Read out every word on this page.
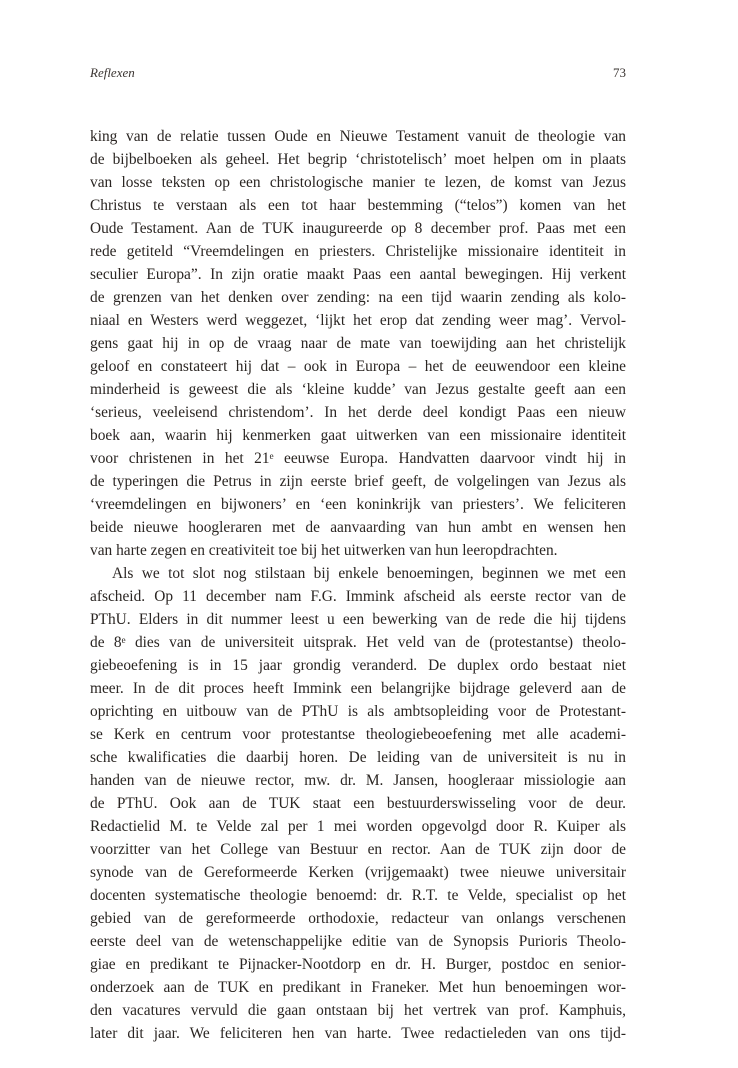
Reflexen	73
king van de relatie tussen Oude en Nieuwe Testament vanuit de theologie van
de bijbelboeken als geheel. Het begrip ‘christotelisch’ moet helpen om in plaats
van losse teksten op een christologische manier te lezen, de komst van Jezus
Christus te verstaan als een tot haar bestemming (“telos”) komen van het
Oude Testament. Aan de TUK inaugureerde op 8 december prof. Paas met een
rede getiteld “Vreemdelingen en priesters. Christelijke missionaire identiteit in
seculier Europa”. In zijn oratie maakt Paas een aantal bewegingen. Hij verkent
de grenzen van het denken over zending: na een tijd waarin zending als kolo-
niaal en Westers werd weggezet, ‘lijkt het erop dat zending weer mag’. Vervol-
gens gaat hij in op de vraag naar de mate van toewijding aan het christelijk
geloof en constateert hij dat – ook in Europa – het de eeuwendoor een kleine
minderheid is geweest die als ‘kleine kudde’ van Jezus gestalte geeft aan een
‘serieus, veeleisend christendom’. In het derde deel kondigt Paas een nieuw
boek aan, waarin hij kenmerken gaat uitwerken van een missionaire identiteit
voor christenen in het 21ᵉ eeuwse Europa. Handvatten daarvoor vindt hij in
de typeringen die Petrus in zijn eerste brief geeft, de volgelingen van Jezus als
‘vreemdelingen en bijwoners’ en ‘een koninkrijk van priesters’. We feliciteren
beide nieuwe hoogleraren met de aanvaarding van hun ambt en wensen hen
van harte zegen en creativiteit toe bij het uitwerken van hun leeropdrachten.
Als we tot slot nog stilstaan bij enkele benoemingen, beginnen we met een
afscheid. Op 11 december nam F.G. Immink afscheid als eerste rector van de
PThU. Elders in dit nummer leest u een bewerking van de rede die hij tijdens
de 8ᵉ dies van de universiteit uitsprak. Het veld van de (protestantse) theolo-
giebeoefening is in 15 jaar grondig veranderd. De duplex ordo bestaat niet
meer. In de dit proces heeft Immink een belangrijke bijdrage geleverd aan de
oprichting en uitbouw van de PThU is als ambtsopleiding voor de Protestant-
se Kerk en centrum voor protestantse theologiebeoefening met alle academi-
sche kwalificaties die daarbij horen. De leiding van de universiteit is nu in
handen van de nieuwe rector, mw. dr. M. Jansen, hoogleraar missiologie aan
de PThU. Ook aan de TUK staat een bestuurderswisseling voor de deur.
Redactielid M. te Velde zal per 1 mei worden opgevolgd door R. Kuiper als
voorzitter van het College van Bestuur en rector. Aan de TUK zijn door de
synode van de Gereformeerde Kerken (vrijgemaakt) twee nieuwe universitair
docenten systematische theologie benoemd: dr. R.T. te Velde, specialist op het
gebied van de gereformeerde orthodoxie, redacteur van onlangs verschenen
eerste deel van de wetenschappelijke editie van de Synopsis Purioris Theolo-
giae en predikant te Pijnacker-Nootdorp en dr. H. Burger, postdoc en senior-
onderzoek aan de TUK en predikant in Franeker. Met hun benoemingen wor-
den vacatures vervuld die gaan ontstaan bij het vertrek van prof. Kamphuis,
later dit jaar. We feliciteren hen van harte. Twee redactieleden van ons tijd-
